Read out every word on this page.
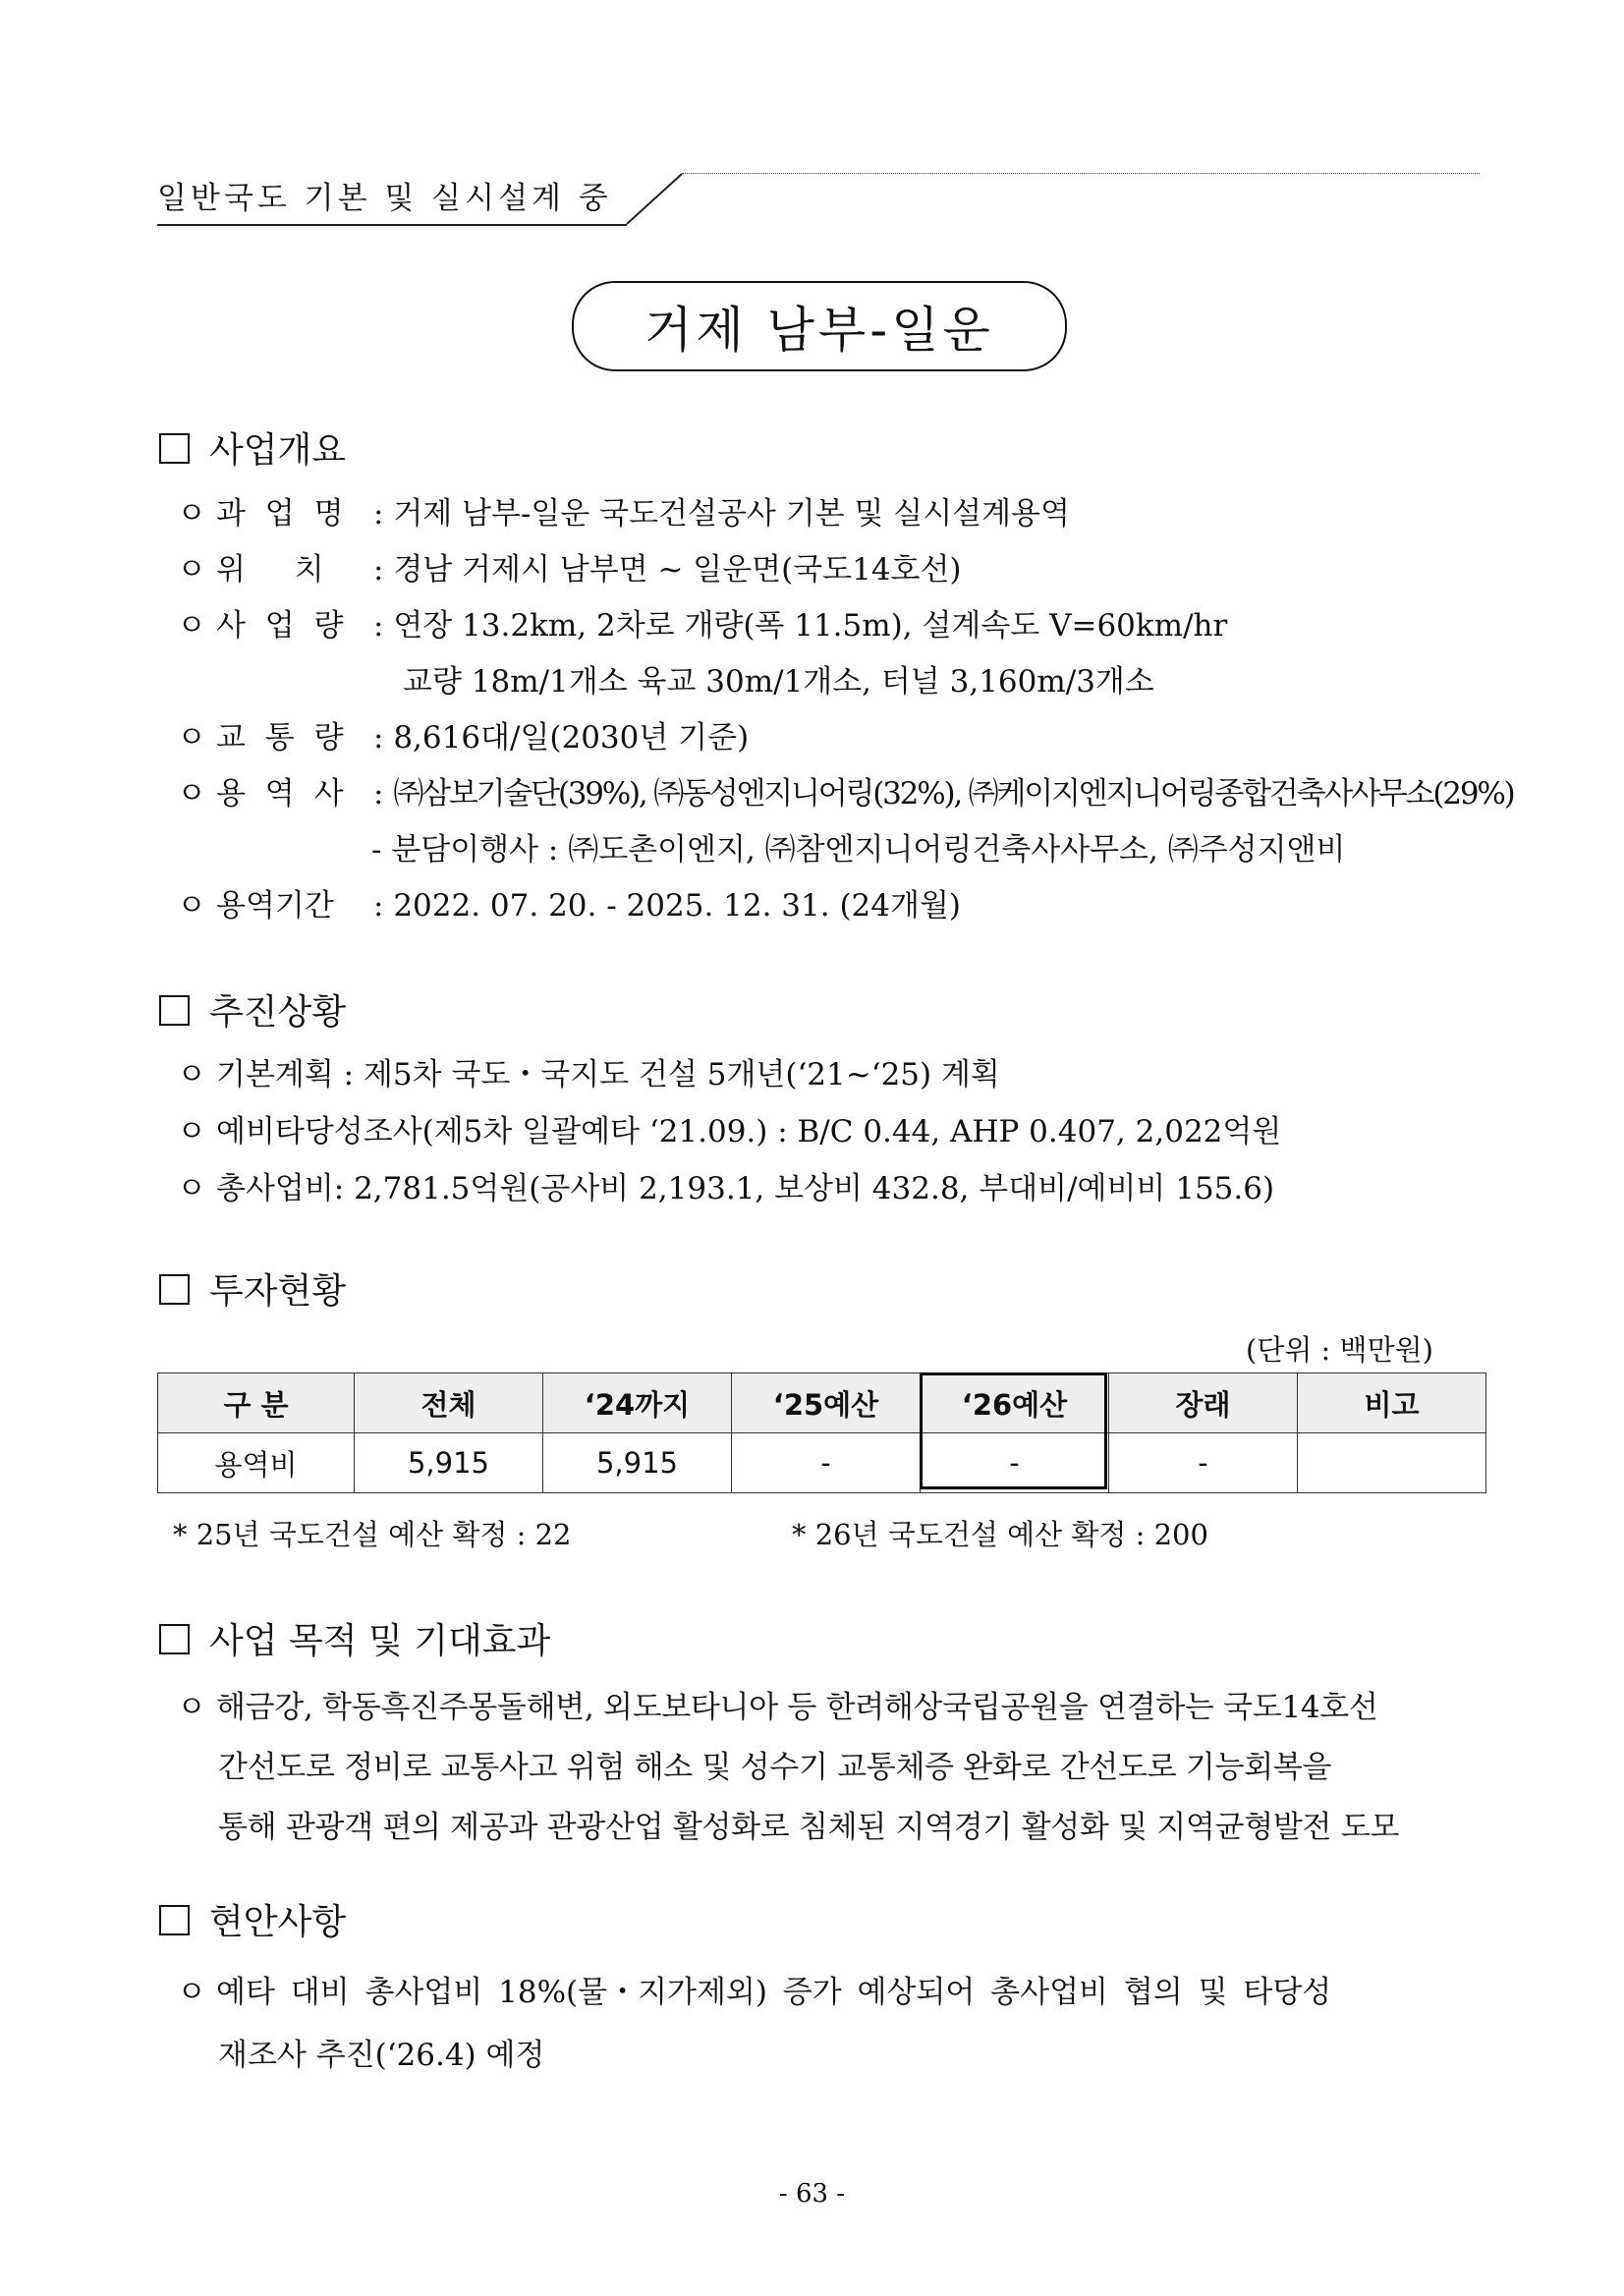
일반국도 기본 및 실시설계 중
거제 남부-일운
사업개요
ㅇ 과 업 명 : 거제 남부-일운 국도건설공사 기본 및 실시설계용역
ㅇ 위 치 : 경남 거제시 남부면 ~ 일운면(국도14호선)
ㅇ 사 업 량 : 연장 13.2km, 2차로 개량(폭 11.5m), 설계속도 V=60km/hr
교량 18m/1개소 육교 30m/1개소, 터널 3,160m/3개소
ㅇ 교 통 량 : 8,616대/일(2030년 기준)
ㅇ 용 역 사 : ㈜삼보기술단(39%), ㈜동성엔지니어링(32%), ㈜케이지엔지니어링종합건축사사무소(29%)
- 분담이행사 : ㈜도촌이엔지, ㈜참엔지니어링건축사사무소, ㈜주성지앤비
ㅇ 용역기간 : 2022. 07. 20. - 2025. 12. 31. (24개월)
추진상황
ㅇ 기본계획 : 제5차 국도・국지도 건설 5개년(‘21~‘25) 계획
ㅇ 예비타당성조사(제5차 일괄예타 ‘21.09.) : B/C 0.44, AHP 0.407, 2,022억원
ㅇ 총사업비: 2,781.5억원(공사비 2,193.1, 보상비 432.8, 부대비/예비비 155.6)
투자현황
(단위 : 백만원)
구 분	전체	‘24까지	‘25예산	‘26예산	장래	비고
용역비	5,915	5,915	-	-	-	
* 25년 국도건설 예산 확정 : 22	* 26년 국도건설 예산 확정 : 200
사업 목적 및 기대효과
ㅇ 해금강, 학동흑진주몽돌해변, 외도보타니아 등 한려해상국립공원을 연결하는 국도14호선
간선도로 정비로 교통사고 위험 해소 및 성수기 교통체증 완화로 간선도로 기능회복을
통해 관광객 편의 제공과 관광산업 활성화로 침체된 지역경기 활성화 및 지역균형발전 도모
현안사항
ㅇ 예타 대비 총사업비 18%(물・지가제외) 증가 예상되어 총사업비 협의 및 타당성
재조사 추진(‘26.4) 예정
- 63 -
